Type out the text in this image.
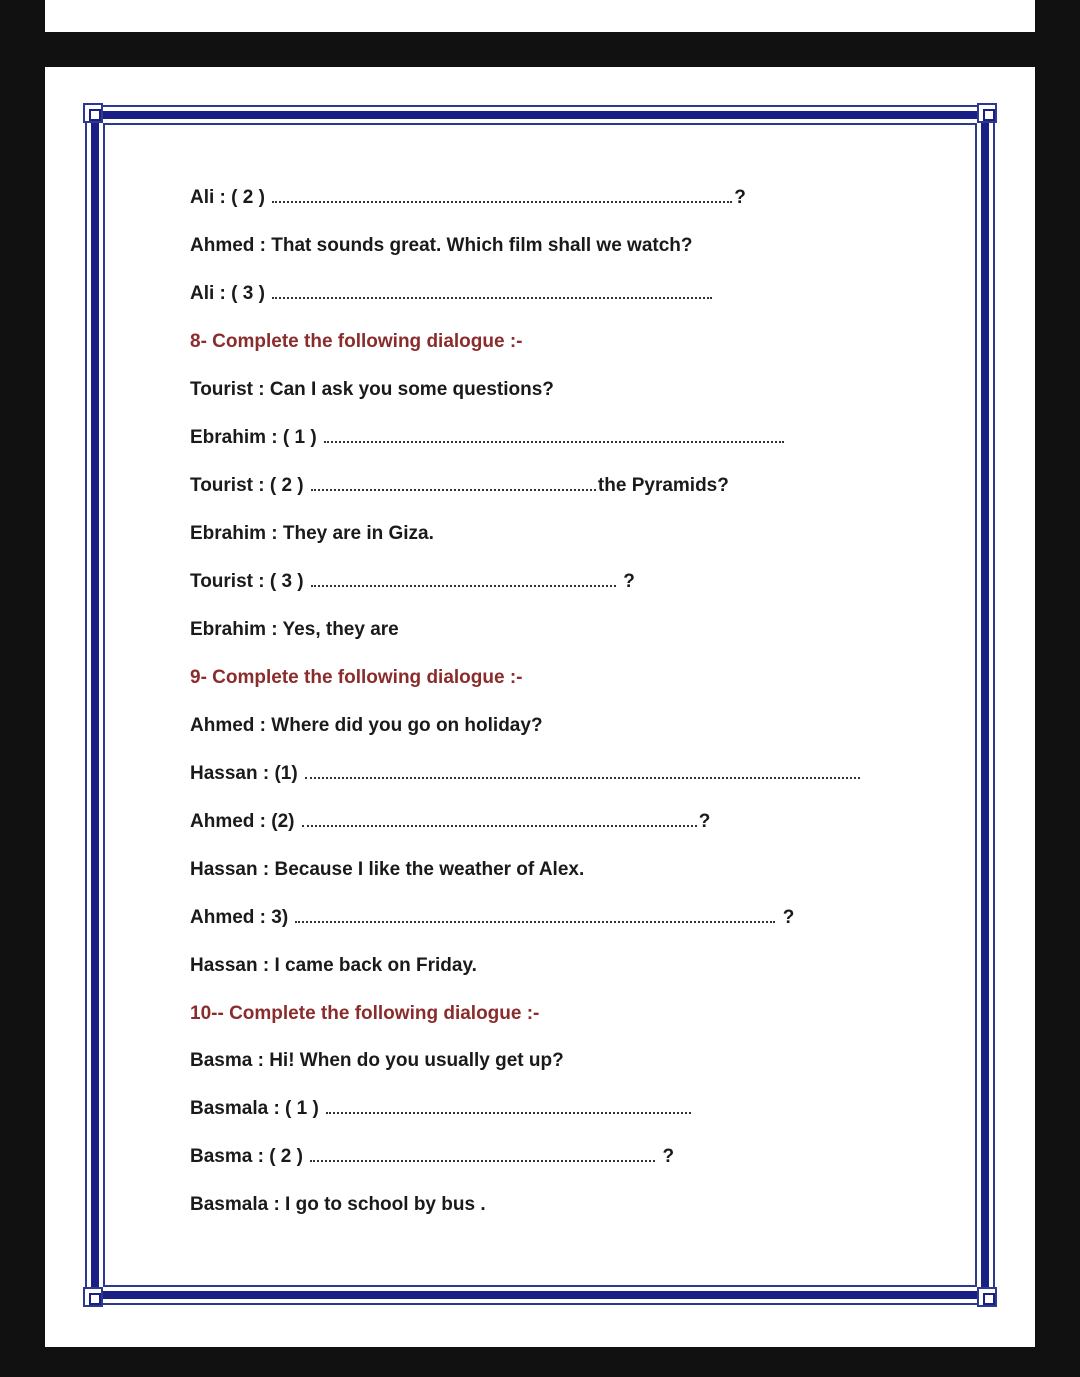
Ali : ( 2 )	?
Ahmed : That sounds great. Which film shall we watch?
Ali : ( 3 )
8- Complete the following dialogue :-
Tourist : Can I ask you some questions?
Ebrahim : ( 1 )
Tourist : ( 2 )	the Pyramids?
Ebrahim : They are in Giza.
Tourist : ( 3 )	?
Ebrahim : Yes, they are
9- Complete the following dialogue :-
Ahmed : Where did you go on holiday?
Hassan : (1)
Ahmed : (2)	?
Hassan : Because I like the weather of Alex.
Ahmed : 3)	?
Hassan : I came back on Friday.
10-- Complete the following dialogue :-
Basma : Hi! When do you usually get up?
Basmala : ( 1 )
Basma : ( 2 )	?
Basmala : I go to school by bus .
